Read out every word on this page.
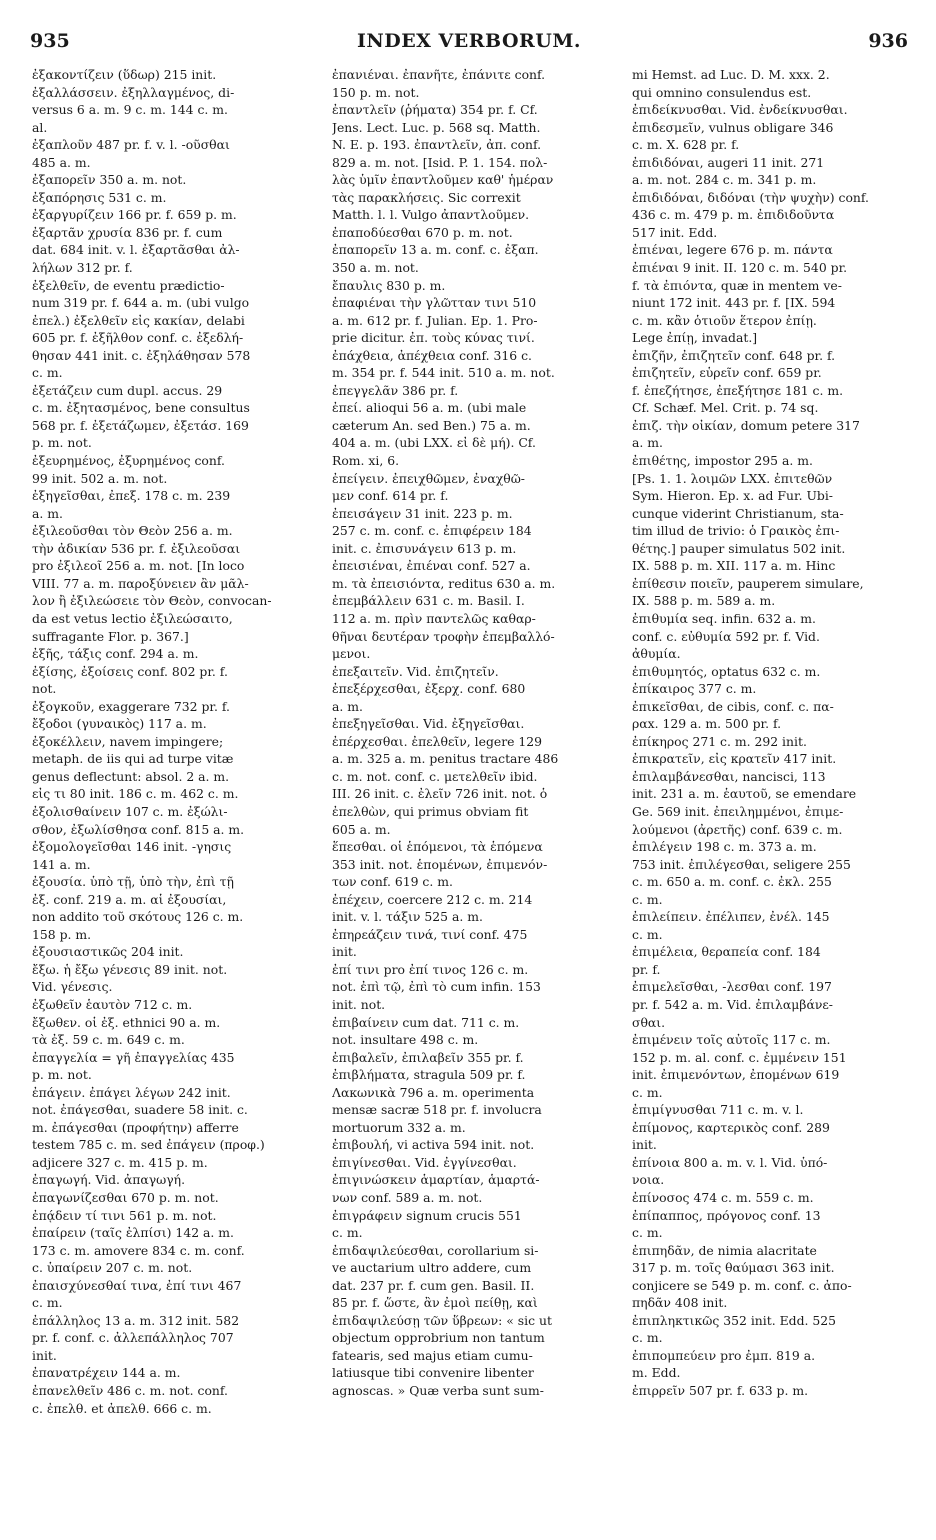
935	INDEX VERBORUM.	936
ἐξακοντίζειν (ὕδωρ) 215 init.
ἐξαλλάσσειν. ἐξηλλαγμένος, di-
versus 6 a. m. 9 c. m. 144 c. m.
al.
ἐξαπλοῦν 487 pr. f. v. l. -οῦσθαι
485 a. m.
ἐξαπορεῖν 350 a. m. not.
ἐξαπόρησις 531 c. m.
ἐξαργυρίζειν 166 pr. f. 659 p. m.
ἐξαρτᾶν χρυσία 836 pr. f. cum
dat. 684 init. v. l. ἐξαρτᾶσθαι ἀλ-
λήλων 312 pr. f.
ἐξελθεῖν, de eventu prædictio-
num 319 pr. f. 644 a. m. (ubi vulgo
ἐπελ.) ἐξελθεῖν εἰς κακίαν, delabi
605 pr. f. ἐξῆλθον conf. c. ἐξεδλή-
θησαν 441 init. c. ἐξηλάθησαν 578
c. m.
ἐξετάζειν cum dupl. accus. 29
c. m. ἐξητασμένος, bene consultus
568 pr. f. ἐξετάζωμεν, ἐξετάσ. 169
p. m. not.
ἐξευρημένος, ἐξυρημένος conf.
99 init. 502 a. m. not.
ἐξηγεῖσθαι, ἐπεξ. 178 c. m. 239
a. m.
ἐξιλεοῦσθαι τὸν Θεὸν 256 a. m.
τὴν ἀδικίαν 536 pr. f. ἐξιλεοῦσαι
pro ἐξιλεοῖ 256 a. m. not. [In loco
VIII. 77 a. m. παροξύνειεν ἂν μᾶλ-
λον ἢ ἐξιλεώσειε τὸν Θεὸν, convocan-
da est vetus lectio ἐξιλεώσαιτο,
suffragante Flor. p. 367.]
ἐξῆς, τάξις conf. 294 a. m.
ἐξίσης, ἐξοίσεις conf. 802 pr. f.
not.
ἐξογκοῦν, exaggerare 732 pr. f.
ἔξοδοι (γυναικὸς) 117 a. m.
ἐξοκέλλειν, navem impingere;
metaph. de iis qui ad turpe vitæ
genus deflectunt: absol. 2 a. m.
εἰς τι 80 init. 186 c. m. 462 c. m.
ἐξολισθαίνειν 107 c. m. ἐξώλι-
σθον, ἐξωλίσθησα conf. 815 a. m.
ἐξομολογεῖσθαι 146 init. -γησις
141 a. m.
ἐξουσία. ὑπὸ τῇ, ὑπὸ τὴν, ἐπὶ τῇ
ἐξ. conf. 219 a. m. αἱ ἐξουσίαι,
non addito τοῦ σκότους 126 c. m.
158 p. m.
ἐξουσιαστικῶς 204 init.
ἔξω. ἡ ἔξω γένεσις 89 init. not.
Vid. γένεσις.
ἐξωθεῖν ἑαυτὸν 712 c. m.
ἔξωθεν. οἱ ἐξ. ethnici 90 a. m.
τὰ ἐξ. 59 c. m. 649 c. m.
ἐπαγγελία = γῆ ἐπαγγελίας 435
p. m. not.
ἐπάγειν. ἐπάγει λέγων 242 init.
not. ἐπάγεσθαι, suadere 58 init. c.
m. ἐπάγεσθαι (προφήτην) afferre
testem 785 c. m. sed ἐπάγειν (προφ.)
adjicere 327 c. m. 415 p. m.
ἐπαγωγή. Vid. ἀπαγωγή.
ἐπαγωνίζεσθαι 670 p. m. not.
ἐπᾴδειν τί τινι 561 p. m. not.
ἐπαίρειν (ταῖς ἐλπίσι) 142 a. m.
173 c. m. amovere 834 c. m. conf.
c. ὑπαίρειν 207 c. m. not.
ἐπαισχύνεσθαί τινα, ἐπί τινι 467
c. m.
ἐπάλληλος 13 a. m. 312 init. 582
pr. f. conf. c. ἀλλεπάλληλος 707
init.
ἐπανατρέχειν 144 a. m.
ἐπανελθεῖν 486 c. m. not. conf.
c. ἐπελθ. et ἀπελθ. 666 c. m.
ἐπανιέναι. ἐπανῆτε, ἐπάνιτε conf.
150 p. m. not.
ἐπαντλεῖν (ῥήματα) 354 pr. f. Cf.
Jens. Lect. Luc. p. 568 sq. Matth.
N. E. p. 193. ἐπαντλεῖν, ἀπ. conf.
829 a. m. not. [Isid. P. 1. 154. πολ-
λὰς ὑμῖν ἐπαντλοῦμεν καθ' ἡμέραν
τὰς παρακλήσεις. Sic correxit
Matth. l. l. Vulgo ἀπαντλοῦμεν.
ἐπαποδύεσθαι 670 p. m. not.
ἐπαπορεῖν 13 a. m. conf. c. ἐξαπ.
350 a. m. not.
ἔπαυλις 830 p. m.
ἐπαφιέναι τὴν γλῶτταν τινι 510
a. m. 612 pr. f. Julian. Ep. 1. Pro-
prie dicitur. ἐπ. τοὺς κύνας τινί.
ἐπάχθεια, ἀπέχθεια conf. 316 c.
m. 354 pr. f. 544 init. 510 a. m. not.
ἐπεγγελᾶν 386 pr. f.
ἐπεί. alioqui 56 a. m. (ubi male
cæterum An. sed Ben.) 75 a. m.
404 a. m. (ubi LXX. εἰ δὲ μή). Cf.
Rom. xi, 6.
ἐπείγειν. ἐπειχθῶμεν, ἐναχθῶ-
μεν conf. 614 pr. f.
ἐπεισάγειν 31 init. 223 p. m.
257 c. m. conf. c. ἐπιφέρειν 184
init. c. ἐπισυνάγειν 613 p. m.
ἐπεισιέναι, ἐπιέναι conf. 527 a.
m. τὰ ἐπεισιόντα, reditus 630 a. m.
ἐπεμβάλλειν 631 c. m. Basil. I.
112 a. m. πρὶν παντελῶς καθαρ-
θῆναι δευτέραν τροφὴν ἐπεμβαλλό-
μενοι.
ἐπεξαιτεῖν. Vid. ἐπιζητεῖν.
ἐπεξέρχεσθαι, ἐξερχ. conf. 680
a. m.
ἐπεξηγεῖσθαι. Vid. ἐξηγεῖσθαι.
ἐπέρχεσθαι. ἐπελθεῖν, legere 129
a. m. 325 a. m. penitus tractare 486
c. m. not. conf. c. μετελθεῖν ibid.
III. 26 init. c. ἐλεῖν 726 init. not. ὁ
ἐπελθὼν, qui primus obviam fit
605 a. m.
ἕπεσθαι. οἱ ἑπόμενοι, τὰ ἑπόμενα
353 init. not. ἑπομένων, ἐπιμενόν-
των conf. 619 c. m.
ἐπέχειν, coercere 212 c. m. 214
init. v. l. τάξιν 525 a. m.
ἐπηρεάζειν τινά, τινί conf. 475
init.
ἐπί τινι pro ἐπί τινος 126 c. m.
not. ἐπὶ τῷ, ἐπὶ τὸ cum infin. 153
init. not.
ἐπιβαίνειν cum dat. 711 c. m.
not. insultare 498 c. m.
ἐπιβαλεῖν, ἐπιλαβεῖν 355 pr. f.
ἐπιβλήματα, stragula 509 pr. f.
Λακωνικὰ 796 a. m. operimenta
mensæ sacræ 518 pr. f. involucra
mortuorum 332 a. m.
ἐπιβουλή, vi activa 594 init. not.
ἐπιγίνεσθαι. Vid. ἐγγίνεσθαι.
ἐπιγινώσκειν ἁμαρτίαν, ἁμαρτά-
νων conf. 589 a. m. not.
ἐπιγράφειν signum crucis 551
c. m.
ἐπιδαψιλεύεσθαι, corollarium si-
ve auctarium ultro addere, cum
dat. 237 pr. f. cum gen. Basil. II.
85 pr. f. ὥστε, ἂν ἐμοὶ πείθῃ, καὶ
ἐπιδαψιλεύσῃ τῶν ὕβρεων: « sic ut
objectum opprobrium non tantum
fatearis, sed majus etiam cumu-
latiusque tibi convenire libenter
agnoscas. » Quæ verba sunt sum-
mi Hemst. ad Luc. D. M. xxx. 2.
qui omnino consulendus est.
ἐπιδείκνυσθαι. Vid. ἐνδείκνυσθαι.
ἐπιδεσμεῖν, vulnus obligare 346
c. m. X. 628 pr. f.
ἐπιδιδόναι, augeri 11 init. 271
a. m. not. 284 c. m. 341 p. m.
ἐπιδιδόναι, διδόναι (τὴν ψυχὴν) conf.
436 c. m. 479 p. m. ἐπιδιδοῦντα
517 init. Edd.
ἐπιέναι, legere 676 p. m. πάντα
ἐπιέναι 9 init. II. 120 c. m. 540 pr.
f. τὰ ἐπιόντα, quæ in mentem ve-
niunt 172 init. 443 pr. f. [IX. 594
c. m. κἂν ὁτιοῦν ἕτερον ἐπίῃ.
Lege ἐπίῃ, invadat.]
ἐπιζῆν, ἐπιζητεῖν conf. 648 pr. f.
ἐπιζητεῖν, εὑρεῖν conf. 659 pr.
f. ἐπεζήτησε, ἐπεξήτησε 181 c. m.
Cf. Schæf. Mel. Crit. p. 74 sq.
ἐπιζ. τὴν οἰκίαν, domum petere 317
a. m.
ἐπιθέτης, impostor 295 a. m.
[Ps. 1. 1. λοιμῶν LXX. ἐπιτεθῶν
Sym. Hieron. Ep. x. ad Fur. Ubi-
cunque viderint Christianum, sta-
tim illud de trivio: ὁ Γραικὸς ἐπι-
θέτης.] pauper simulatus 502 init.
IX. 588 p. m. XII. 117 a. m. Hinc
ἐπίθεσιν ποιεῖν, pauperem simulare,
IX. 588 p. m. 589 a. m.
ἐπιθυμία seq. infin. 632 a. m.
conf. c. εὐθυμία 592 pr. f. Vid.
ἀθυμία.
ἐπιθυμητός, optatus 632 c. m.
ἐπίκαιρος 377 c. m.
ἐπικεῖσθαι, de cibis, conf. c. πα-
ραx. 129 a. m. 500 pr. f.
ἐπίκηρος 271 c. m. 292 init.
ἐπικρατεῖν, εἰς κρατεῖν 417 init.
ἐπιλαμβάνεσθαι, nancisci, 113
init. 231 a. m. ἑαυτοῦ, se emendare
Ge. 569 init. ἐπειλημμένοι, ἐπιμε-
λούμενοι (ἀρετῆς) conf. 639 c. m.
ἐπιλέγειν 198 c. m. 373 a. m.
753 init. ἐπιλέγεσθαι, seligere 255
c. m. 650 a. m. conf. c. ἐκλ. 255
c. m.
ἐπιλείπειν. ἐπέλιπεν, ἐνέλ. 145
c. m.
ἐπιμέλεια, θεραπεία conf. 184
pr. f.
ἐπιμελεῖσθαι, -λεσθαι conf. 197
pr. f. 542 a. m. Vid. ἐπιλαμβάνε-
σθαι.
ἐπιμένειν τοῖς αὐτοῖς 117 c. m.
152 p. m. al. conf. c. ἐμμένειν 151
init. ἐπιμενόντων, ἐπομένων 619
c. m.
ἐπιμίγνυσθαι 711 c. m. v. l.
ἐπίμονος, καρτερικὸς conf. 289
init.
ἐπίνοια 800 a. m. v. l. Vid. ὑπό-
νοια.
ἐπίνοσος 474 c. m. 559 c. m.
ἐπίπαππος, πρόγονος conf. 13
c. m.
ἐπιπηδᾶν, de nimia alacritate
317 p. m. τοῖς θαύμασι 363 init.
conjicere se 549 p. m. conf. c. ἀπο-
πηδᾶν 408 init.
ἐπιπληκτικῶς 352 init. Edd. 525
c. m.
ἐπιπομπεύειν pro ἐμπ. 819 a.
m. Edd.
ἐπιρρεῖν 507 pr. f. 633 p. m.
